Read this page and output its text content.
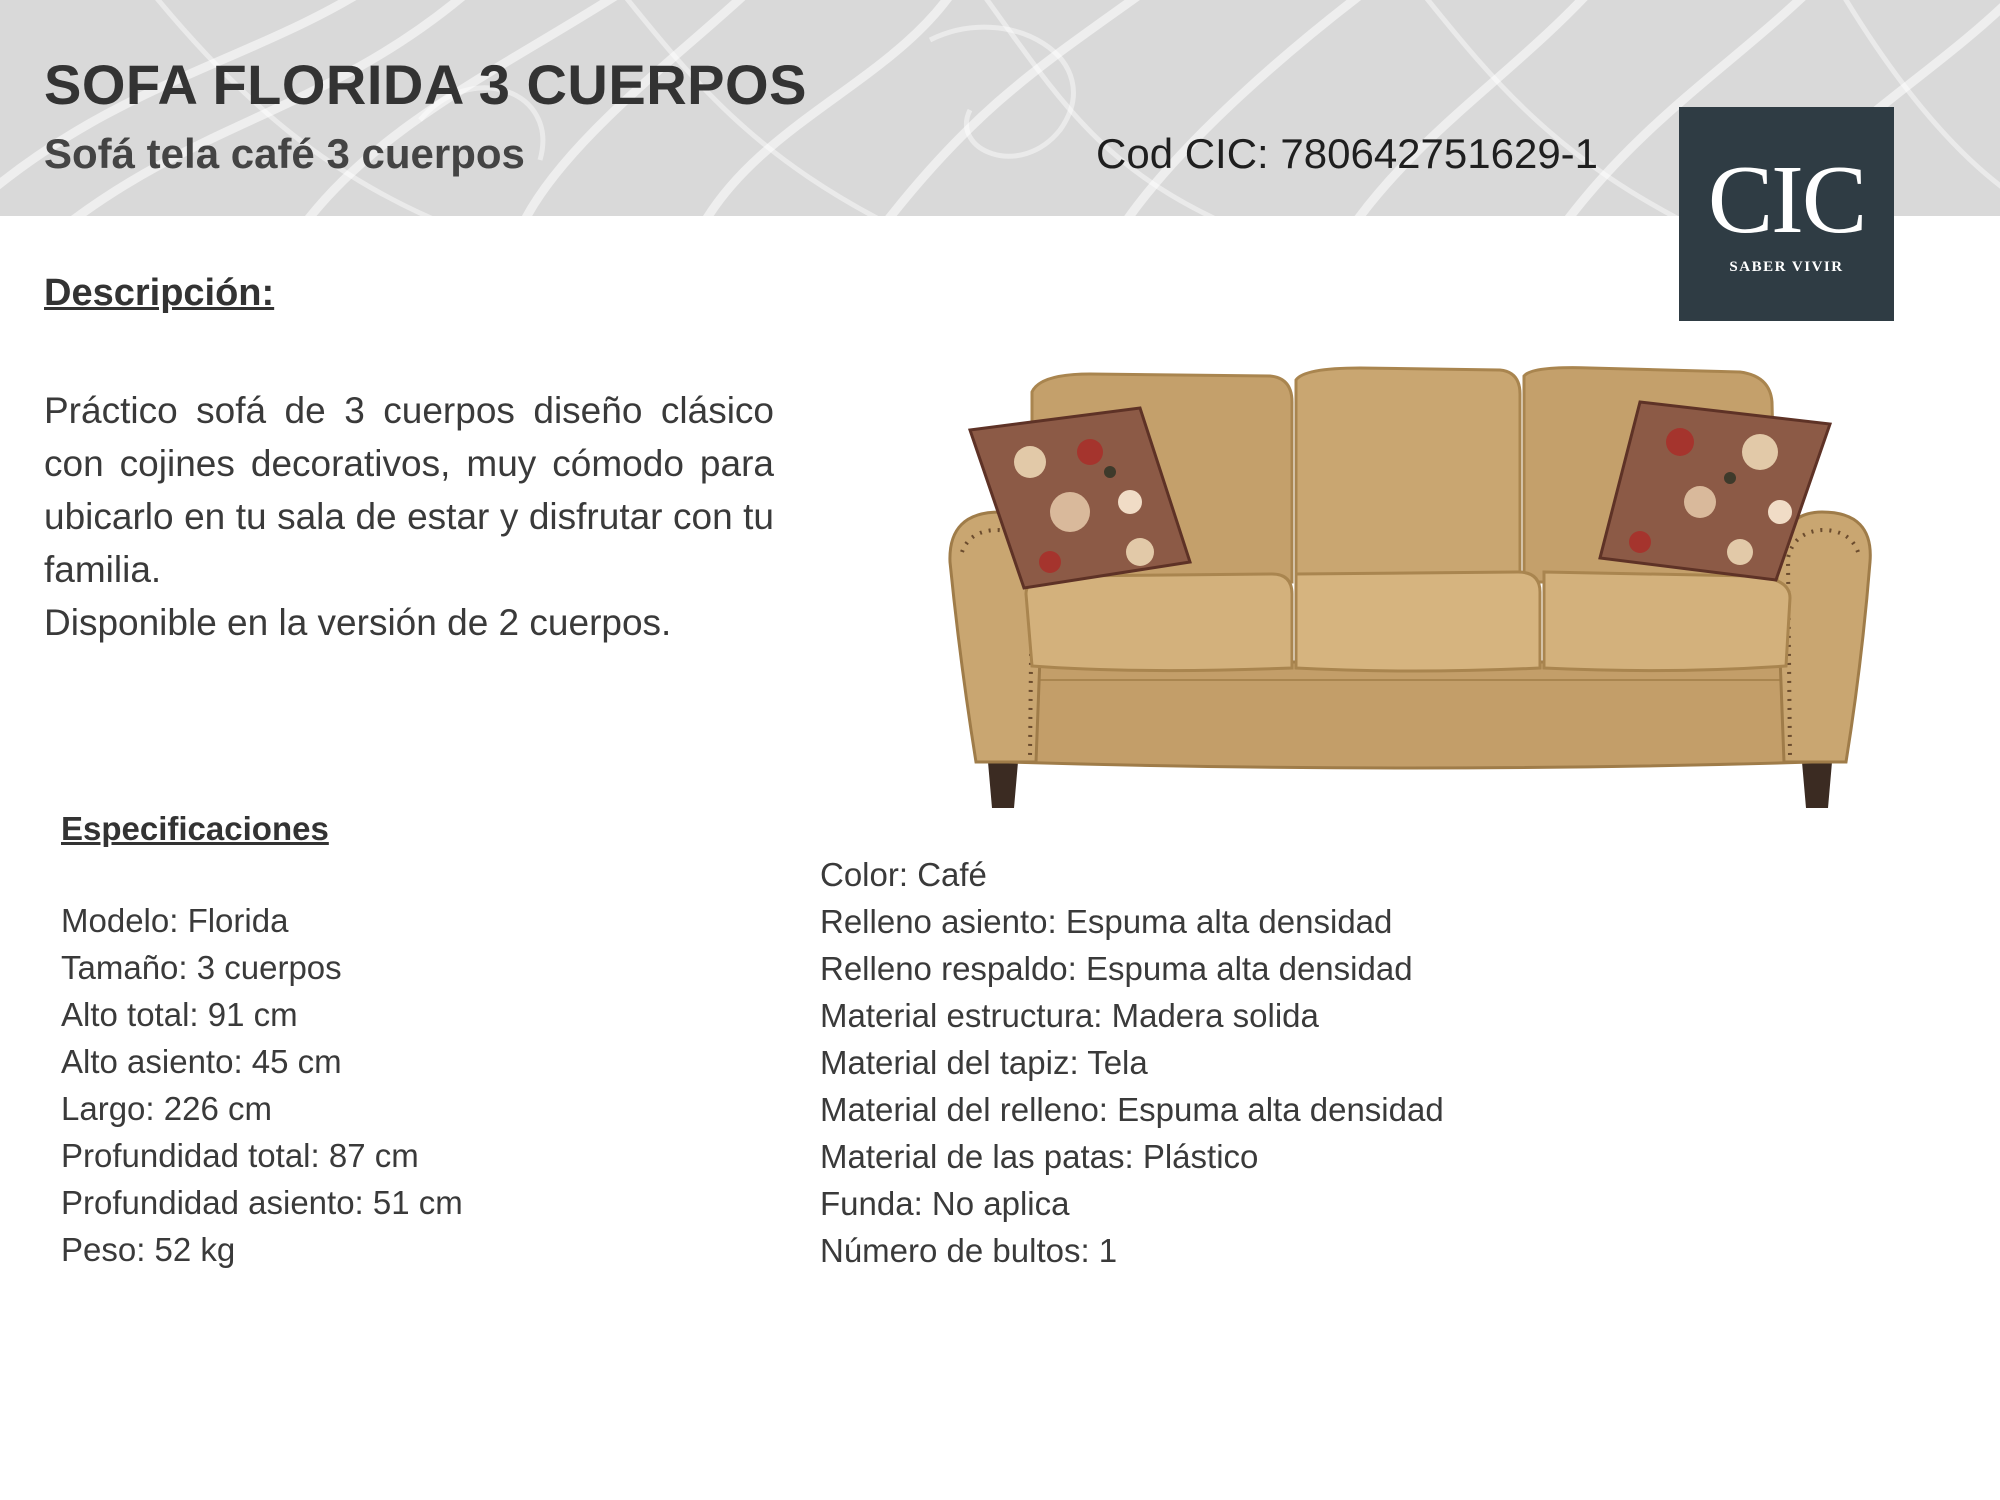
SOFA FLORIDA 3 CUERPOS
Sofá tela café 3 cuerpos	Cod CIC: 780642751629-1 CIC
SABER VIVIR
Descripción:

Práctico sofá de 3 cuerpos diseño clásico con cojines decorativos, muy cómodo para ubicarlo en tu sala de estar y disfrutar con tu familia.

Disponible en la versión de 2 cuerpos.

Especificaciones
Modelo: Florida
Tamaño: 3 cuerpos
Alto total: 91 cm
Alto asiento: 45 cm
Largo: 226 cm
Profundidad total: 87 cm
Profundidad asiento: 51 cm
Peso: 52 kg
Color: Café
Relleno asiento: Espuma alta densidad
Relleno respaldo: Espuma alta densidad
Material estructura: Madera solida
Material del tapiz: Tela
Material del relleno: Espuma alta densidad
Material de las patas: Plástico
Funda: No aplica
Número de bultos: 1
